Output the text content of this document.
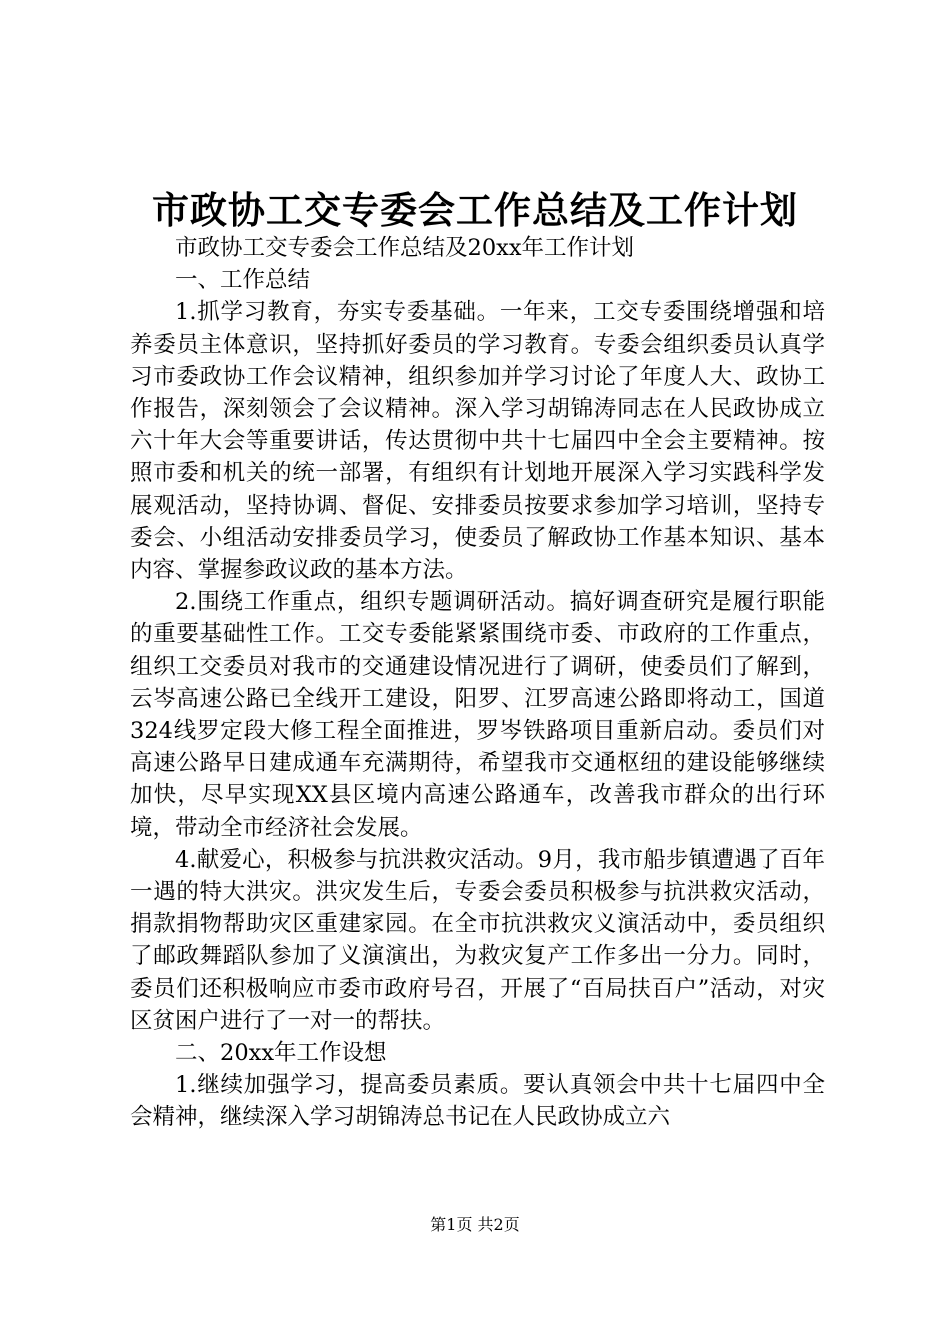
市政协工交专委会工作总结及工作计划

市政协工交专委会工作总结及20xx年工作计划

一、工作总结

1.抓学习教育，夯实专委基础。一年来，工交专委围绕增强和培养委员主体意识，坚持抓好委员的学习教育。专委会组织委员认真学习市委政协工作会议精神，组织参加并学习讨论了年度人大、政协工作报告，深刻领会了会议精神。深入学习胡锦涛同志在人民政协成立六十年大会等重要讲话，传达贯彻中共十七届四中全会主要精神。按照市委和机关的统一部署，有组织有计划地开展深入学习实践科学发展观活动，坚持协调、督促、安排委员按要求参加学习培训，坚持专委会、小组活动安排委员学习，使委员了解政协工作基本知识、基本内容、掌握参政议政的基本方法。

2.围绕工作重点，组织专题调研活动。搞好调查研究是履行职能的重要基础性工作。工交专委能紧紧围绕市委、市政府的工作重点，组织工交委员对我市的交通建设情况进行了调研，使委员们了解到，云岑高速公路已全线开工建设，阳罗、江罗高速公路即将动工，国道324线罗定段大修工程全面推进，罗岑铁路项目重新启动。委员们对高速公路早日建成通车充满期待，希望我市交通枢纽的建设能够继续加快，尽早实现XX县区境内高速公路通车，改善我市群众的出行环境，带动全市经济社会发展。

4.献爱心，积极参与抗洪救灾活动。9月，我市船步镇遭遇了百年一遇的特大洪灾。洪灾发生后，专委会委员积极参与抗洪救灾活动，捐款捐物帮助灾区重建家园。在全市抗洪救灾义演活动中，委员组织了邮政舞蹈队参加了义演演出，为救灾复产工作多出一分力。同时，委员们还积极响应市委市政府号召，开展了“百局扶百户”活动，对灾区贫困户进行了一对一的帮扶。

二、20xx年工作设想

1.继续加强学习，提高委员素质。要认真领会中共十七届四中全会精神，继续深入学习胡锦涛总书记在人民政协成立六

第1页 共2页
